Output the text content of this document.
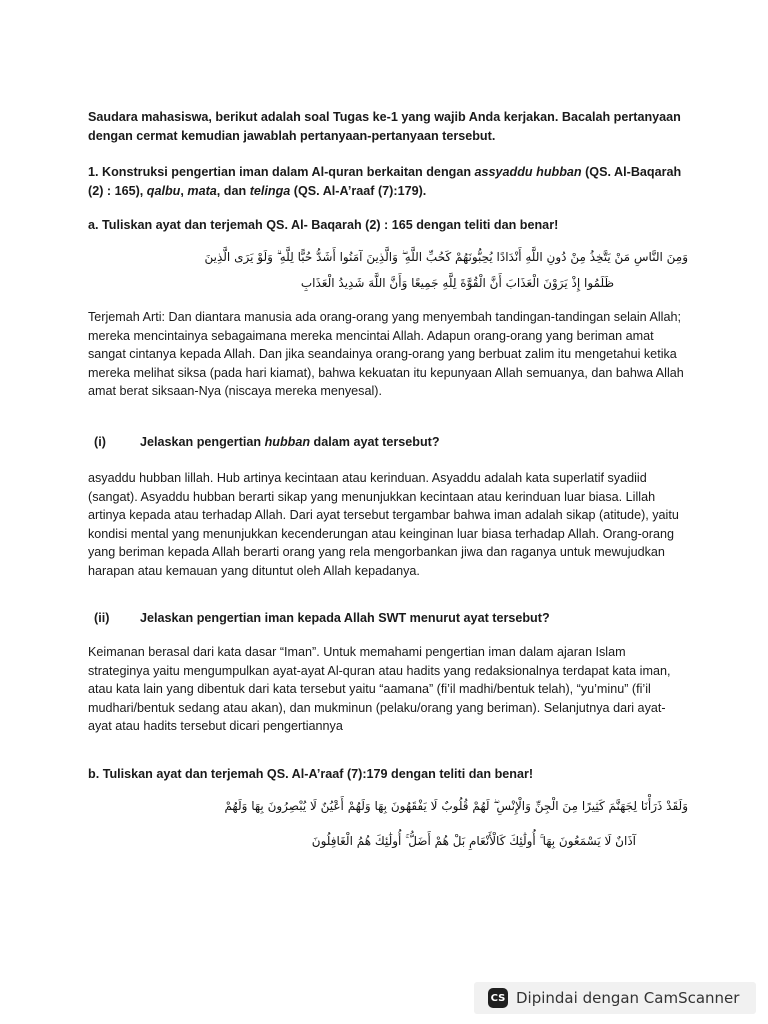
Saudara mahasiswa, berikut adalah soal Tugas ke-1 yang wajib Anda kerjakan. Bacalah pertanyaan dengan cermat kemudian jawablah pertanyaan-pertanyaan tersebut.

1. Konstruksi pengertian iman dalam Al-quran berkaitan dengan assyaddu hubban (QS. Al-Baqarah (2) : 165), qalbu, mata, dan telinga (QS. Al-A’raaf (7):179).

a. Tuliskan ayat dan terjemah QS. Al- Baqarah (2) : 165 dengan teliti dan benar!

وَمِنَ النَّاسِ مَنْ يَتَّخِذُ مِنْ دُونِ اللَّهِ أَنْدَادًا يُحِبُّونَهُمْ كَحُبِّ اللَّهِ ۖ وَالَّذِينَ آمَنُوا أَشَدُّ حُبًّا لِلَّهِ ۗ وَلَوْ يَرَى الَّذِينَ

ظَلَمُوا إِذْ يَرَوْنَ الْعَذَابَ أَنَّ الْقُوَّةَ لِلَّهِ جَمِيعًا وَأَنَّ اللَّهَ شَدِيدُ الْعَذَابِ

Terjemah Arti: Dan diantara manusia ada orang-orang yang menyembah tandingan-tandingan selain Allah; mereka mencintainya sebagaimana mereka mencintai Allah. Adapun orang-orang yang beriman amat sangat cintanya kepada Allah. Dan jika seandainya orang-orang yang berbuat zalim itu mengetahui ketika mereka melihat siksa (pada hari kiamat), bahwa kekuatan itu kepunyaan Allah semuanya, dan bahwa Allah amat berat siksaan-Nya (niscaya mereka menyesal).

(i)	Jelaskan pengertian hubban dalam ayat tersebut?

asyaddu hubban lillah. Hub artinya kecintaan atau kerinduan. Asyaddu adalah kata superlatif syadiid (sangat). Asyaddu hubban berarti sikap yang menunjukkan kecintaan atau kerinduan luar biasa. Lillah artinya kepada atau terhadap Allah. Dari ayat tersebut tergambar bahwa iman adalah sikap (atitude), yaitu kondisi mental yang menunjukkan kecenderungan atau keinginan luar biasa terhadap Allah. Orang-orang yang beriman kepada Allah berarti orang yang rela mengorbankan jiwa dan raganya untuk mewujudkan harapan atau kemauan yang dituntut oleh Allah kepadanya.

(ii) Jelaskan pengertian iman kepada Allah SWT menurut ayat tersebut?

Keimanan berasal dari kata dasar “Iman”. Untuk memahami pengertian iman dalam ajaran Islam strateginya yaitu mengumpulkan ayat-ayat Al-quran atau hadits yang redaksionalnya terdapat kata iman, atau kata lain yang dibentuk dari kata tersebut yaitu “aamana” (fi’il madhi/bentuk telah), “yu’minu” (fi’il mudhari/bentuk sedang atau akan), dan mukminun (pelaku/orang yang beriman). Selanjutnya dari ayat-ayat atau hadits tersebut dicari pengertiannya

b. Tuliskan ayat dan terjemah QS. Al-A’raaf (7):179 dengan teliti dan benar!

وَلَقَدْ ذَرَأْنَا لِجَهَنَّمَ كَثِيرًا مِنَ الْجِنِّ وَالْإِنْسِ ۖ لَهُمْ قُلُوبٌ لَا يَفْقَهُونَ بِهَا وَلَهُمْ أَعْيُنٌ لَا يُبْصِرُونَ بِهَا وَلَهُمْ

آذَانٌ لَا يَسْمَعُونَ بِهَا ۚ أُولَٰئِكَ كَالْأَنْعَامِ بَلْ هُمْ أَضَلُّ ۚ أُولَٰئِكَ هُمُ الْغَافِلُونَ

CS Dipindai dengan CamScanner
